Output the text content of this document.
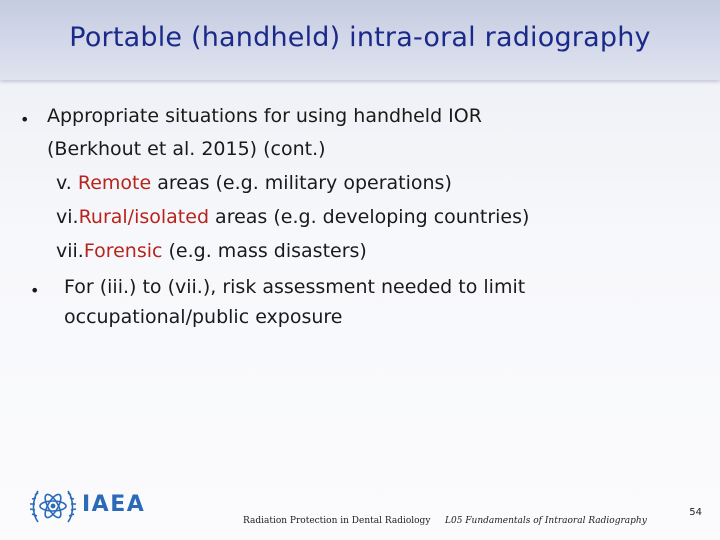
Portable (handheld) intra-oral radiography
• Appropriate situations for using handheld IOR
(Berkhout et al. 2015) (cont.)
v. Remote areas (e.g. military operations)
vi.Rural/isolated areas (e.g. developing countries)
vii.Forensic (e.g. mass disasters)
• For (iii.) to (vii.), risk assessment needed to limit
occupational/public exposure
IAEA
Radiation Protection in Dental Radiology L05 Fundamentals of Intraoral Radiography
54
